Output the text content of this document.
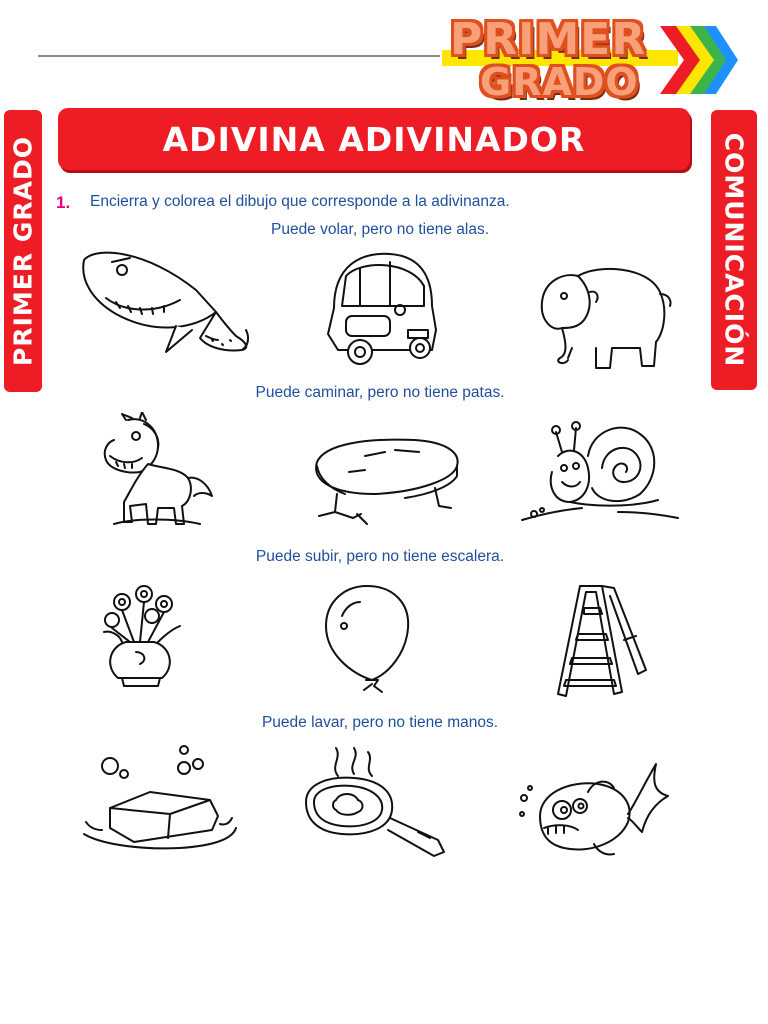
PRIMER
GRADO
PRIMER GRADO	COMUNICACIÓN
ADIVINA ADIVINADOR
1. Encierra y colorea el dibujo que corresponde a la adivinanza.
Puede volar, pero no tiene alas.
Puede caminar, pero no tiene patas.
Puede subir, pero no tiene escalera.
Puede lavar, pero no tiene manos.
